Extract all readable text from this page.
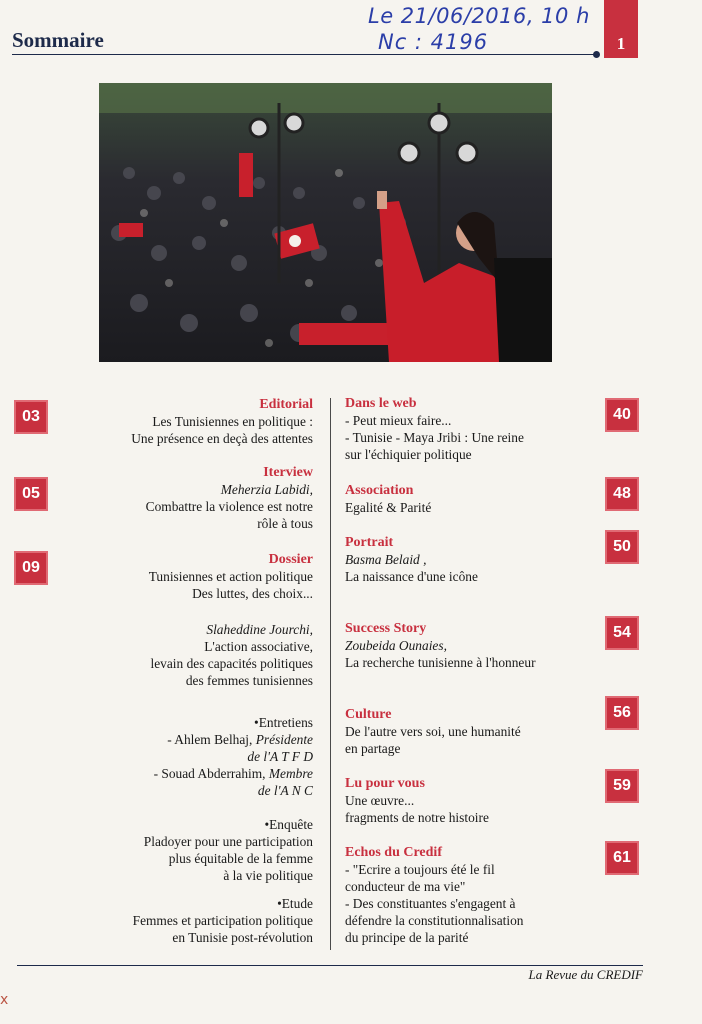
Sommaire	1
Le 21/06/2016, 10 h
Nc : 4196
03
Editorial
Les Tunisiennes en politique :
Une présence en deçà des attentes
05
Iterview
Meherzia Labidi,
Combattre la violence est notre
rôle à tous
09	Dossier
Tunisiennes et action politique
Des luttes, des choix...
Slaheddine Jourchi,
L'action associative,
levain des capacités politiques
des femmes tunisiennes
•Entretiens
- Ahlem Belhaj, Présidente
de l'A T F D
- Souad Abderrahim, Membre
de l'A N C
•Enquête
Pladoyer pour une participation
plus équitable de la femme
à la vie politique
•Etude
Femmes et participation politique
en Tunisie post-révolution
Dans le web
- Peut mieux faire...
- Tunisie - Maya Jribi : Une reine
sur l'échiquier politique
40
Association
Egalité & Parité
48
Portrait
Basma Belaid ,
La naissance d'une icône
50
Success Story
Zoubeida Ounaies,
La recherche tunisienne à l'honneur
54
Culture
De l'autre vers soi, une humanité
en partage
56
Lu pour vous
Une œuvre...
fragments de notre histoire
59
Echos du Credif
- "Ecrire a toujours été le fil
conducteur de ma vie"
- Des constituantes s'engagent à
défendre la constitutionnalisation
du principe de la parité
61
La Revue du CREDIF
x
